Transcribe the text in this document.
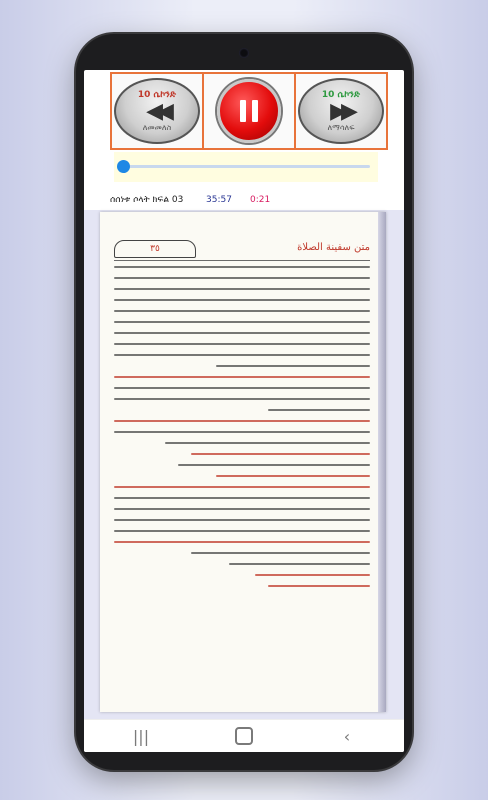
10 ሴኮንድ
◀◀
ለመመለስ
10 ሴኮንድ
▶▶
ለማሳለፍ
ሰሰነቱ ሶላት ክፍል 03	35:57	0:21
٣٥	متن سفينة الصلاة
|||	‹
